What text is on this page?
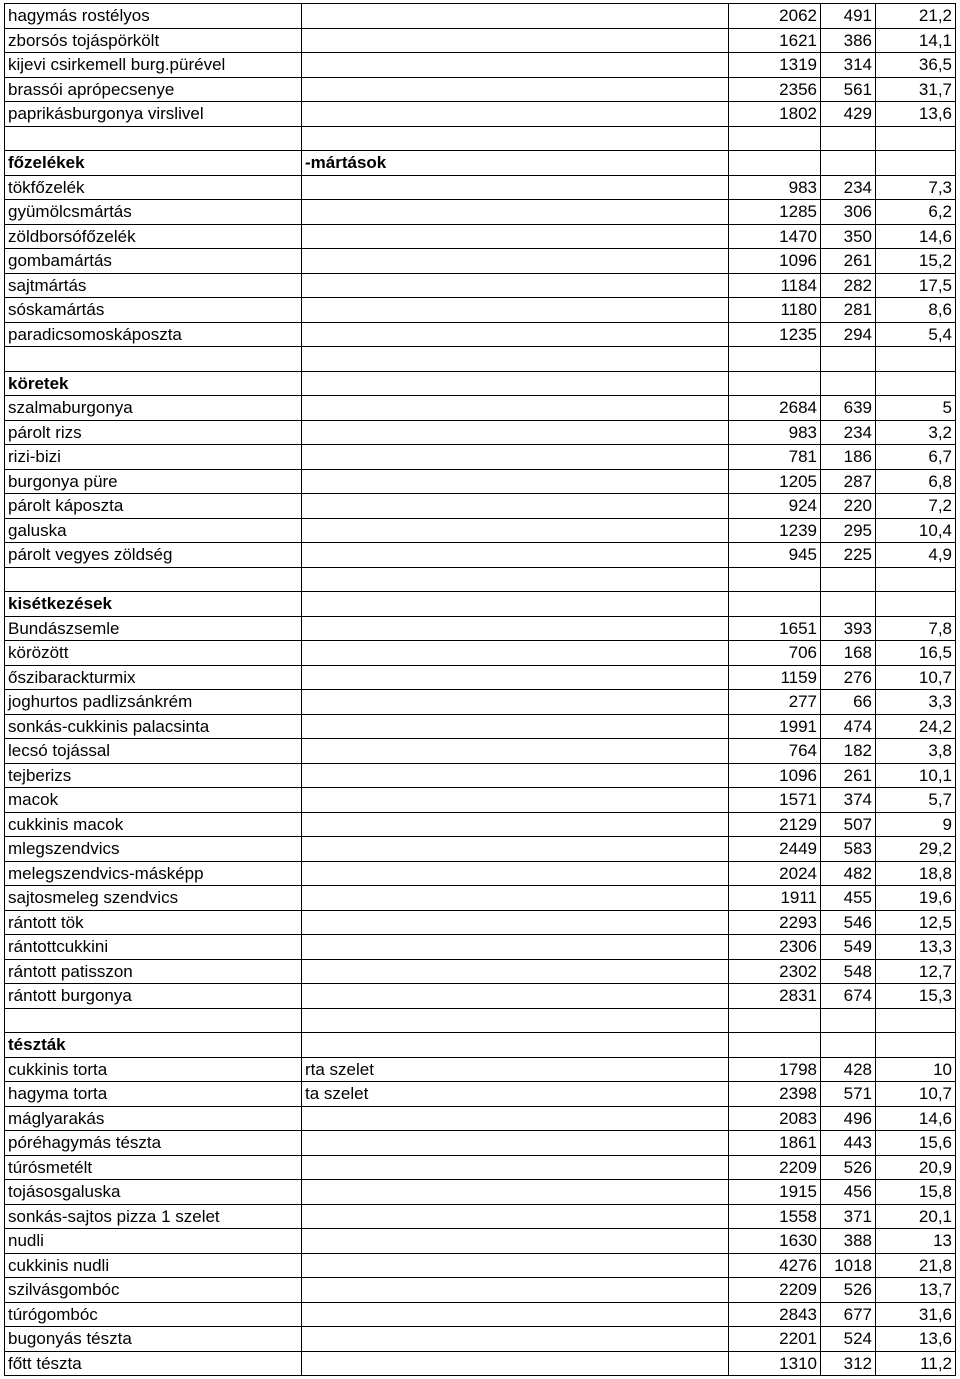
hagymás rostélyos		2062	491	21,2
zborsós tojáspörkölt		1621	386	14,1
kijevi csirkemell burg.pürével		1319	314	36,5
brassói aprópecsenye		2356	561	31,7
paprikásburgonya virslivel		1802	429	13,6

főzelékek	-mártások			
tökfőzelék		983	234	7,3
gyümölcsmártás		1285	306	6,2
zöldborsófőzelék		1470	350	14,6
gombamártás		1096	261	15,2
sajtmártás		1184	282	17,5
sóskamártás		1180	281	8,6
paradicsomoskáposzta		1235	294	5,4

köretek				
szalmaburgonya		2684	639	5
párolt rizs		983	234	3,2
rizi-bizi		781	186	6,7
burgonya püre		1205	287	6,8
párolt káposzta		924	220	7,2
galuska		1239	295	10,4
párolt vegyes zöldség		945	225	4,9

kisétkezések				
Bundászsemle		1651	393	7,8
körözött		706	168	16,5
őszibarackturmix		1159	276	10,7
joghurtos padlizsánkrém		277	66	3,3
sonkás-cukkinis palacsinta		1991	474	24,2
lecsó tojással		764	182	3,8
tejberizs		1096	261	10,1
macok		1571	374	5,7
cukkinis macok		2129	507	9
mlegszendvics		2449	583	29,2
melegszendvics-másképp		2024	482	18,8
sajtosmeleg szendvics		1911	455	19,6
rántott tök		2293	546	12,5
rántottcukkini		2306	549	13,3
rántott patisszon		2302	548	12,7
rántott burgonya		2831	674	15,3

tészták				
cukkinis torta	rta szelet	1798	428	10
hagyma torta	ta szelet	2398	571	10,7
máglyarakás		2083	496	14,6
póréhagymás tészta		1861	443	15,6
túrósmetélt		2209	526	20,9
tojásosgaluska		1915	456	15,8
sonkás-sajtos pizza 1 szelet		1558	371	20,1
nudli		1630	388	13
cukkinis nudli		4276	1018	21,8
szilvásgombóc		2209	526	13,7
túrógombóc		2843	677	31,6
bugonyás tészta		2201	524	13,6
főtt tészta		1310	312	11,2
